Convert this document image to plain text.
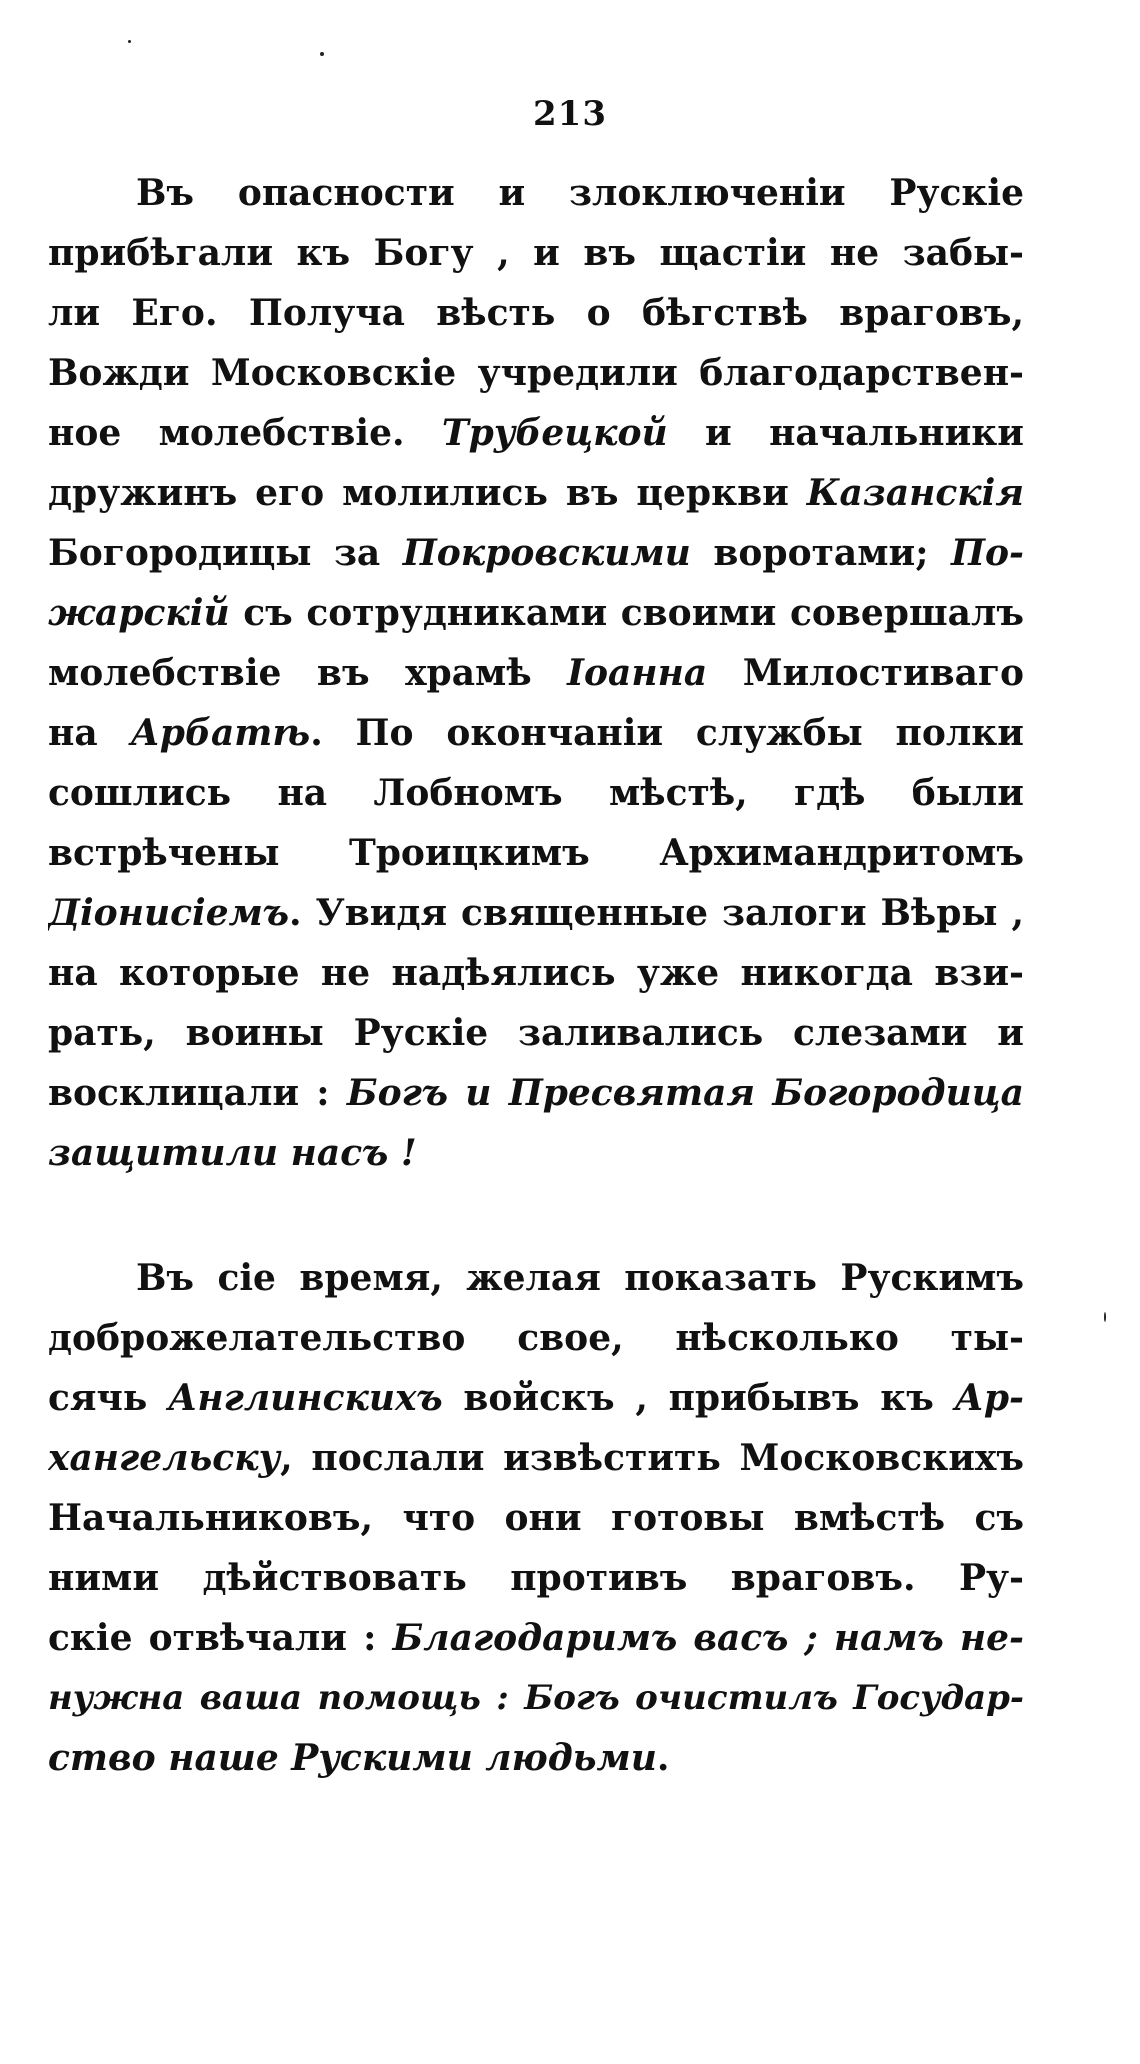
213
Въ опасности и злоключеніи Рускіе
прибѣгали къ Богу , и въ щастіи не забы-
ли Его. Получа вѣсть о бѣгствѣ враговъ,
Вожди Московскіе учредили благодарствен-
ное молебствіе. Трубецкой и начальники
дружинъ его молились въ церкви Казанскія
Богородицы за Покровскими воротами; По-
жарскій съ сотрудниками своими совершалъ
молебствіе въ храмѣ Іоанна Милостиваго
на Арбатѣ. По окончаніи службы полки
сошлись на Лобномъ мѣстѣ, гдѣ были
встрѣчены Троицкимъ Архимандритомъ
Діонисіемъ. Увидя священные залоги Вѣры ,
на которые не надѣялись уже никогда взи-
рать, воины Рускіе заливались слезами и
восклицали : Богъ и Пресвятая Богородица
защитили насъ !
Въ сіе время, желая показать Рускимъ
доброжелательство свое, нѣсколько ты-
сячь Англинскихъ войскъ , прибывъ къ Ар-
хангельску, послали извѣстить Московскихъ
Начальниковъ, что они готовы вмѣстѣ съ
ними дѣйствовать противъ враговъ. Ру-
скіе отвѣчали : Благодаримъ васъ ; намъ не-
нужна ваша помощь : Богъ очистилъ Государ-
ство наше Рускими людьми.
